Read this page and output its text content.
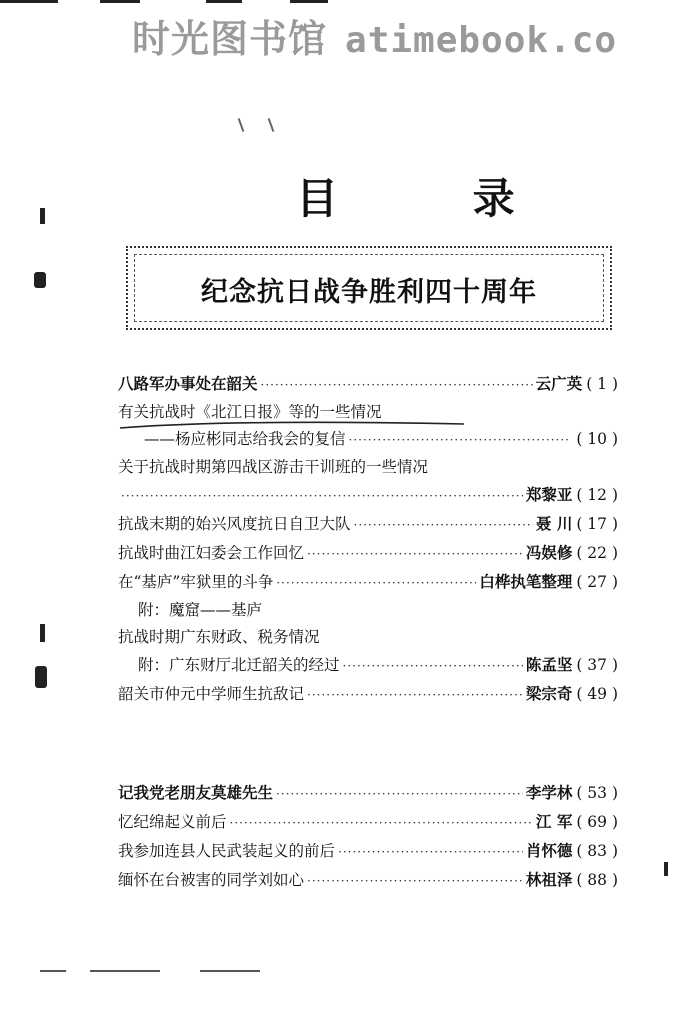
时光图书馆 atimebook.co
目 录
纪念抗日战争胜利四十周年
八路军办事处在韶关 ·····	云广英 ( 1 )
有关抗战时《北江日报》等的一些情况
——杨应彬同志给我会的复信 ·····	( 10 )
关于抗战时期第四战区游击干训班的一些情况
·····
郑黎亚 ( 12 )
抗战末期的始兴风度抗日自卫大队 ·····	聂 川 ( 17 )
抗战时曲江妇委会工作回忆 ·····	冯娱修 ( 22 )
在“基庐”牢狱里的斗争 ·····	白桦执笔整理 ( 27 )
附：魔窟——基庐
抗战时期广东财政、税务情况
附：广东财厅北迁韶关的经过 ·····	陈孟坚 ( 37 )
韶关市仲元中学师生抗敌记 ·····	梁宗奇 ( 49 )
记我党老朋友莫雄先生 ·····	李学林 ( 53 )
忆纪绵起义前后 ·····	江 军 ( 69 )
我参加连县人民武装起义的前后 ·····	肖怀德 ( 83 )
缅怀在台被害的同学刘如心 ·····	林祖泽 ( 88 )
